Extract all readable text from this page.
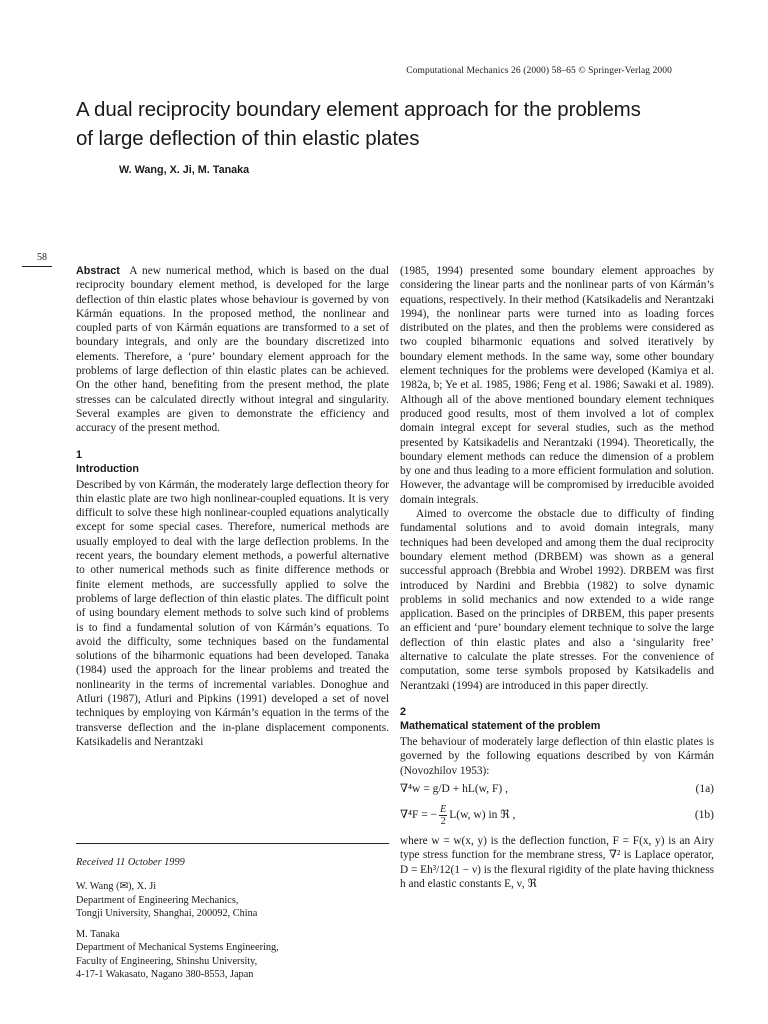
Computational Mechanics 26 (2000) 58–65 © Springer-Verlag 2000
A dual reciprocity boundary element approach for the problems
of large deflection of thin elastic plates
W. Wang, X. Ji, M. Tanaka
58

Abstract A new numerical method, which is based on the dual reciprocity boundary element method, is developed for the large deflection of thin elastic plates whose behaviour is governed by von Kármán equations. In the proposed method, the nonlinear and coupled parts of von Kármán equations are transformed to a set of boundary integrals, and only are the boundary discretized into elements. Therefore, a ‘pure’ boundary element approach for the problems of large deflection of thin elastic plates can be achieved. On the other hand, benefiting from the present method, the plate stresses can be calculated directly without integral and singularity. Several examples are given to demonstrate the efficiency and accuracy of the present method.

1
Introduction

Described by von Kármán, the moderately large deflection theory for thin elastic plate are two high nonlinear-coupled equations. It is very difficult to solve these high nonlinear-coupled equations analytically except for some special cases. Therefore, numerical methods are usually employed to deal with the large deflection problems. In the recent years, the boundary element methods, a powerful alternative to other numerical methods such as finite difference methods or finite element methods, are successfully applied to solve the problems of large deflection of thin elastic plates. The difficult point of using boundary element methods to solve such kind of problems is to find a fundamental solution of von Kármán’s equations. To avoid the difficulty, some techniques based on the fundamental solutions of the biharmonic equations had been developed. Tanaka (1984) used the approach for the linear problems and treated the nonlinearity in the terms of incremental variables. Donoghue and Atluri (1987), Atluri and Pipkins (1991) developed a set of novel techniques by employing von Kármán’s equation in the terms of the transverse deflection and the in-plane displacement components. Katsikadelis and Nerantzaki

(1985, 1994) presented some boundary element approaches by considering the linear parts and the nonlinear parts of von Kármán’s equations, respectively. In their method (Katsikadelis and Nerantzaki 1994), the nonlinear parts were turned into as loading forces distributed on the plates, and then the problems were considered as two coupled biharmonic equations and solved iteratively by boundary element methods. In the same way, some other boundary element techniques for the problems were developed (Kamiya et al. 1982a, b; Ye et al. 1985, 1986; Feng et al. 1986; Sawaki et al. 1989). Although all of the above mentioned boundary element techniques produced good results, most of them involved a lot of complex domain integral except for several studies, such as the method presented by Katsikadelis and Nerantzaki (1994). Theoretically, the boundary element methods can reduce the dimension of a problem by one and thus leading to a more efficient formulation and solution. However, the advantage will be compromised by irreducible avoided domain integrals.

Aimed to overcome the obstacle due to difficulty of finding fundamental solutions and to avoid domain integrals, many techniques had been developed and among them the dual reciprocity boundary element method (DRBEM) was shown as a general successful approach (Brebbia and Wrobel 1992). DRBEM was first introduced by Nardini and Brebbia (1982) to solve dynamic problems in solid mechanics and now extended to a wide range application. Based on the principles of DRBEM, this paper presents an efficient and ‘pure’ boundary element technique to solve the large deflection of thin elastic plates and also a ‘singularity free’ alternative to calculate the plate stresses. For the convenience of computation, some terse symbols proposed by Katsikadelis and Nerantzaki (1994) are introduced in this paper directly.

2
Mathematical statement of the problem

The behaviour of moderately large deflection of thin elastic plates is governed by the following equations described by von Kármán (Novozhilov 1953):

∇⁴w = g/D + hL(w, F) ,	(1a)
∇⁴F = − $\frac{E}{2} L(w$, w) in ℜ ,	(1b)

where w = w(x, y) is the deflection function, F = F(x, y) is an Airy type stress function for the membrane stress, ∇² is Laplace operator, D = Eh³/12(1 − ν) is the flexural rigidity of the plate having thickness h and elastic constants E, ν, ℜ

Received 11 October 1999

W. Wang (✉), X. Ji
Department of Engineering Mechanics,
Tongji University, Shanghai, 200092, China
M. Tanaka
Department of Mechanical Systems Engineering,
Faculty of Engineering, Shinshu University,
4-17-1 Wakasato, Nagano 380-8553, Japan
